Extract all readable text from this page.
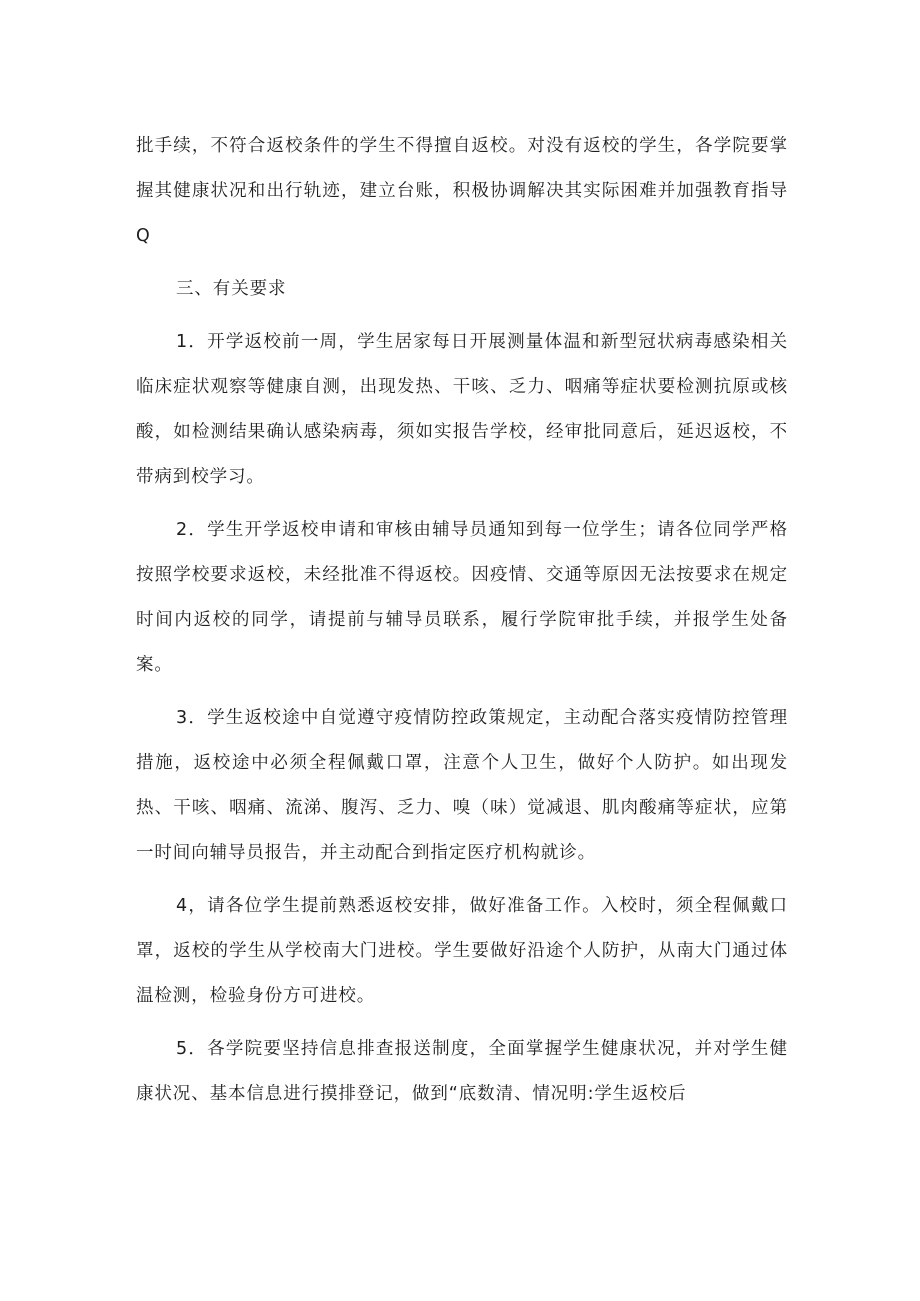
批手续，不符合返校条件的学生不得擅自返校。对没有返校的学生，各学院要掌握其健康状况和出行轨迹，建立台账，积极协调解决其实际困难并加强教育指导Q

三、有关要求

1．开学返校前一周，学生居家每日开展测量体温和新型冠状病毒感染相关临床症状观察等健康自测，出现发热、干咳、乏力、咽痛等症状要检测抗原或核酸，如检测结果确认感染病毒，须如实报告学校，经审批同意后，延迟返校，不带病到校学习。

2．学生开学返校申请和审核由辅导员通知到每一位学生；请各位同学严格按照学校要求返校，未经批准不得返校。因疫情、交通等原因无法按要求在规定时间内返校的同学，请提前与辅导员联系，履行学院审批手续，并报学生处备案。

3．学生返校途中自觉遵守疫情防控政策规定，主动配合落实疫情防控管理措施，返校途中必须全程佩戴口罩，注意个人卫生，做好个人防护。如出现发热、干咳、咽痛、流涕、腹泻、乏力、嗅（味）觉减退、肌肉酸痛等症状，应第一时间向辅导员报告，并主动配合到指定医疗机构就诊。

4，请各位学生提前熟悉返校安排，做好准备工作。入校时，须全程佩戴口罩，返校的学生从学校南大门进校。学生要做好沿途个人防护，从南大门通过体温检测，检验身份方可进校。

5．各学院要坚持信息排查报送制度，全面掌握学生健康状况，并对学生健康状况、基本信息进行摸排登记，做到“底数清、情况明:学生返校后
